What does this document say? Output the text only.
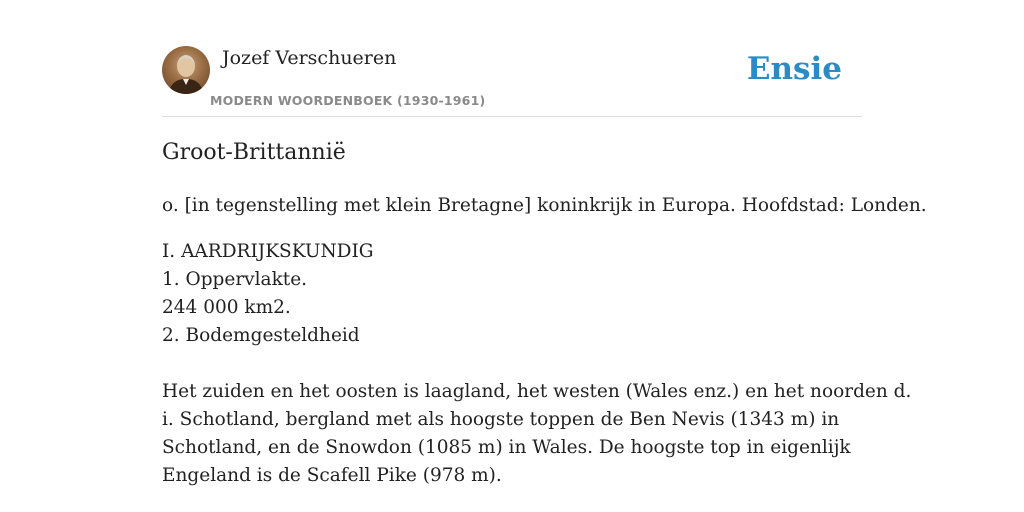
Jozef Verschueren
MODERN WOORDENBOEK (1930-1961)
Ensie
Groot-Brittannië

o. [in tegenstelling met klein Bretagne] koninkrijk in Europa. Hoofdstad: Londen.

I. AARDRIJKSKUNDIG

1. Oppervlakte.

244 000 km2.

2. Bodemgesteldheid

Het zuiden en het oosten is laagland, het westen (Wales enz.) en het noorden d.

i. Schotland, bergland met als hoogste toppen de Ben Nevis (1343 m) in

Schotland, en de Snowdon (1085 m) in Wales. De hoogste top in eigenlijk

Engeland is de Scafell Pike (978 m).
